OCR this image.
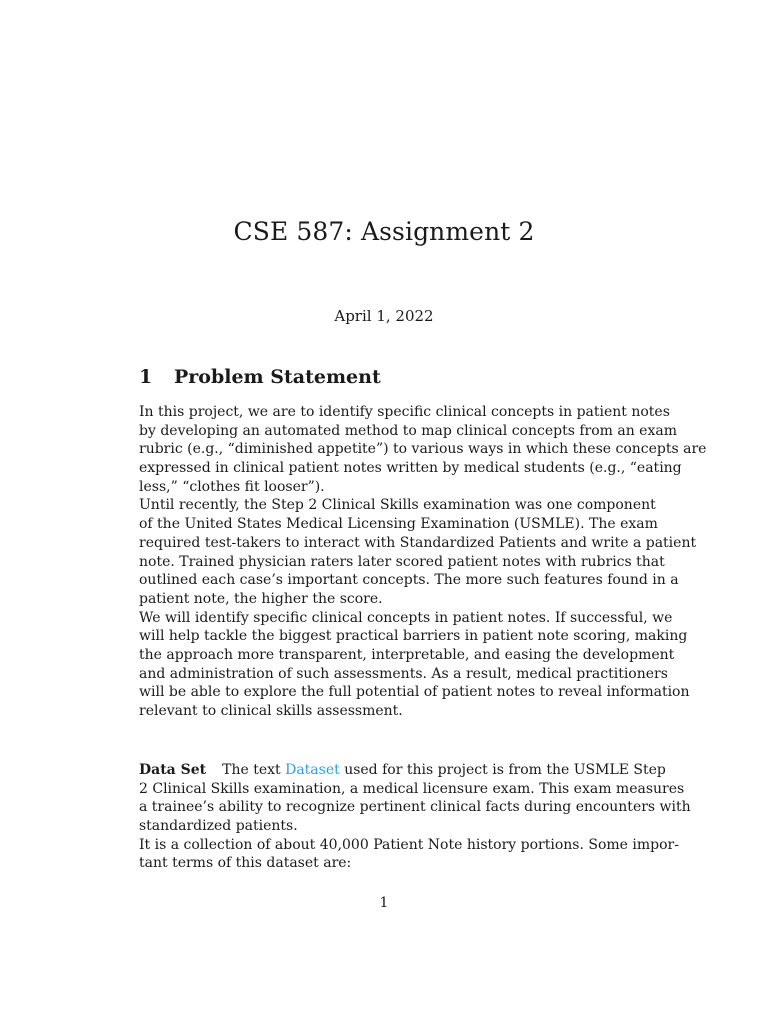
CSE 587: Assignment 2
April 1, 2022
1 Problem Statement
In this project, we are to identify specific clinical concepts in patient notes
by developing an automated method to map clinical concepts from an exam
rubric (e.g., “diminished appetite”) to various ways in which these concepts are
expressed in clinical patient notes written by medical students (e.g., “eating
less,” “clothes fit looser”).
Until recently, the Step 2 Clinical Skills examination was one component
of the United States Medical Licensing Examination (USMLE). The exam
required test-takers to interact with Standardized Patients and write a patient
note. Trained physician raters later scored patient notes with rubrics that
outlined each case’s important concepts. The more such features found in a
patient note, the higher the score.
We will identify specific clinical concepts in patient notes. If successful, we
will help tackle the biggest practical barriers in patient note scoring, making
the approach more transparent, interpretable, and easing the development
and administration of such assessments. As a result, medical practitioners
will be able to explore the full potential of patient notes to reveal information
relevant to clinical skills assessment.
Data Set The text Dataset used for this project is from the USMLE Step
2 Clinical Skills examination, a medical licensure exam. This exam measures
a trainee’s ability to recognize pertinent clinical facts during encounters with
standardized patients.
It is a collection of about 40,000 Patient Note history portions. Some impor-
tant terms of this dataset are:
1
